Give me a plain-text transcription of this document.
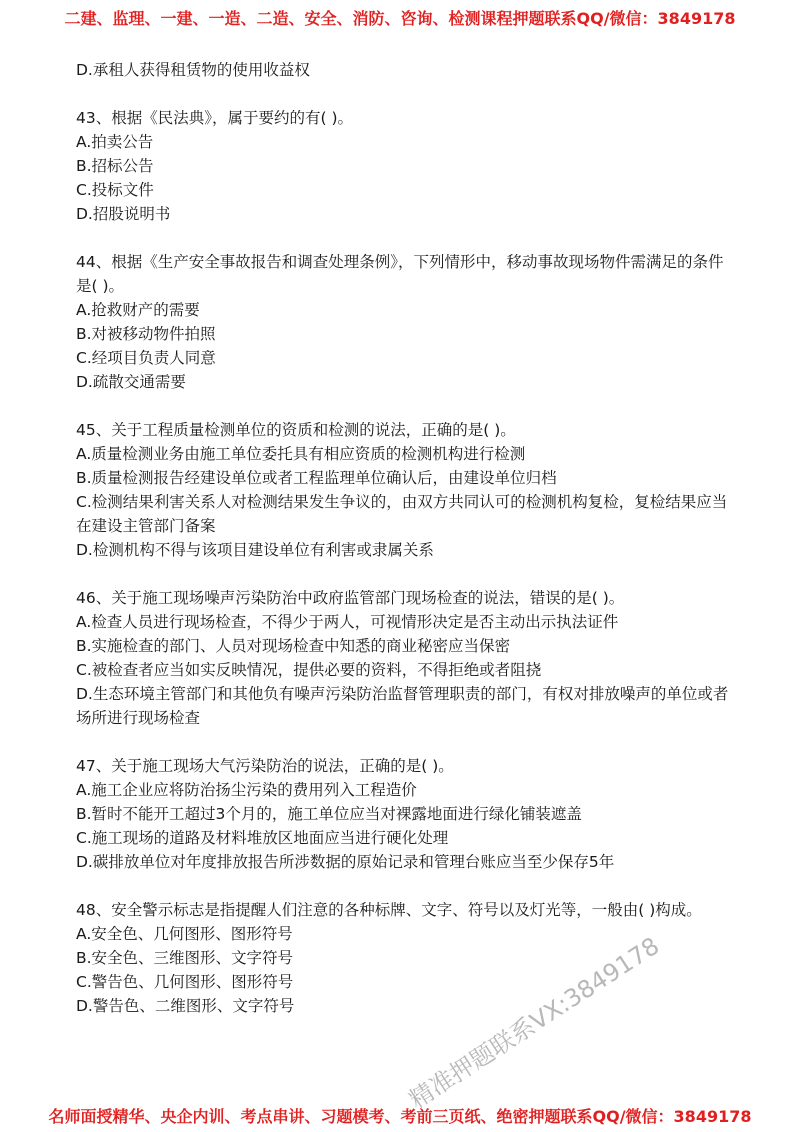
二建、监理、一建、一造、二造、安全、消防、咨询、检测课程押题联系QQ/微信：3849178
D.承租人获得租赁物的使用收益权
43、根据《民法典》，属于要约的有( )。
A.拍卖公告
B.招标公告
C.投标文件
D.招股说明书
44、根据《生产安全事故报告和调查处理条例》，下列情形中，移动事故现场物件需满足的条件是( )。
A.抢救财产的需要
B.对被移动物件拍照
C.经项目负责人同意
D.疏散交通需要
45、关于工程质量检测单位的资质和检测的说法，正确的是( )。
A.质量检测业务由施工单位委托具有相应资质的检测机构进行检测
B.质量检测报告经建设单位或者工程监理单位确认后，由建设单位归档
C.检测结果利害关系人对检测结果发生争议的，由双方共同认可的检测机构复检，复检结果应当在建设主管部门备案
D.检测机构不得与该项目建设单位有利害或隶属关系
46、关于施工现场噪声污染防治中政府监管部门现场检查的说法，错误的是( )。
A.检查人员进行现场检查，不得少于两人，可视情形决定是否主动出示执法证件
B.实施检查的部门、人员对现场检查中知悉的商业秘密应当保密
C.被检查者应当如实反映情况，提供必要的资料，不得拒绝或者阻挠
D.生态环境主管部门和其他负有噪声污染防治监督管理职责的部门，有权对排放噪声的单位或者场所进行现场检查
47、关于施工现场大气污染防治的说法，正确的是( )。
A.施工企业应将防治扬尘污染的费用列入工程造价
B.暂时不能开工超过3个月的，施工单位应当对裸露地面进行绿化铺装遮盖
C.施工现场的道路及材料堆放区地面应当进行硬化处理
D.碳排放单位对年度排放报告所涉数据的原始记录和管理台账应当至少保存5年
48、安全警示标志是指提醒人们注意的各种标牌、文字、符号以及灯光等，一般由( )构成。
A.安全色、几何图形、图形符号
B.安全色、三维图形、文字符号
C.警告色、几何图形、图形符号
D.警告色、二维图形、文字符号	精准押题联系VX:3849178
名师面授精华、央企内训、考点串讲、习题模考、考前三页纸、绝密押题联系QQ/微信：3849178
